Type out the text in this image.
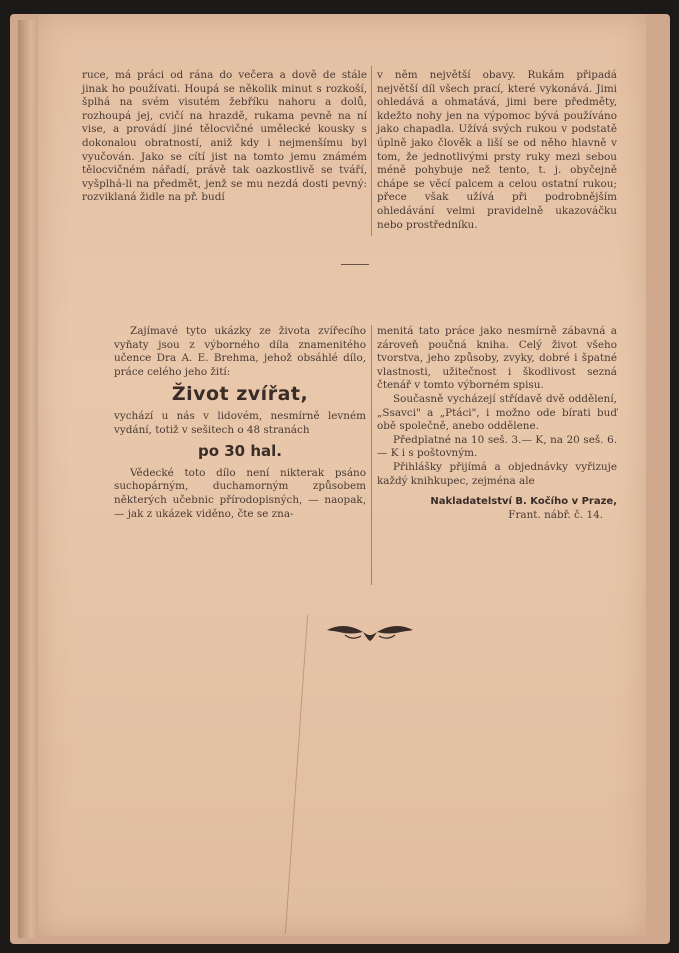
ruce, má práci od rána do večera a dově de stále jinak ho používati. Houpá se několik minut s rozkoší, šplhá na svém visutém žebříku nahoru a dolů, rozhoupá jej, cvičí na hrazdě, rukama pevně na ní vise, a provádí jiné tělocvičné umělecké kousky s dokonalou obratností, aniž kdy i nejmenšímu byl vyučován. Jako se cítí jist na tomto jemu známém tělocvičném nářadí, právě tak oazkostlivě se tváří, vyšplhá-li na předmět, jenž se mu nezdá dosti pevný: rozviklaná židle na př. budí

v něm největší obavy. Rukám připadá největší díl všech prací, které vykonává. Jimi ohledává a ohmatává, jimi bere předměty, kdežto nohy jen na výpomoc bývá používáno jako chapadla. Užívá svých rukou v podstatě úplně jako člověk a liší se od něho hlavně v tom, že jednotlivými prsty ruky mezi sebou méně pohybuje než tento, t. j. obyčejně chápe se věcí palcem a celou ostatní rukou; přece však užívá při podrobnějším ohledávání velmi pravidelně ukazováčku nebo prostředníku.

Zajímavé tyto ukázky ze života zvířecího vyňaty jsou z výborného díla znamenitého učence Dra A. E. Brehma, jehož obsáhlé dílo, práce celého jeho žití:

Život zvířat,

vychází u nás v lidovém, nesmírně levném vydání, totiž v sešitech o 48 stranách

po 30 hal.

Vědecké toto dílo není nikterak psáno suchopárným, duchamorným způsobem některých učebnic přírodopisných, — naopak, — jak z ukázek viděno, čte se zna-

menitá tato práce jako nesmírně zábavná a zároveň poučná kniha. Celý život všeho tvorstva, jeho způsoby, zvyky, dobré i špatné vlastnosti, užitečnost i škodlivost sezná čtenář v tomto výborném spisu.

Současně vycházejí střídavě dvě oddělení, „Ssavci" a „Ptáci", i možno ode bírati buď obě společně, anebo oddělene.

Předplatné na 10 seš. 3.— K, na 20 seš. 6.— K i s poštovným.

Přihlášky přijímá a objednávky vyřizuje každý knihkupec, zejména ale

Nakladatelství B. Kočího v Praze,

Frant. nábř. č. 14.
